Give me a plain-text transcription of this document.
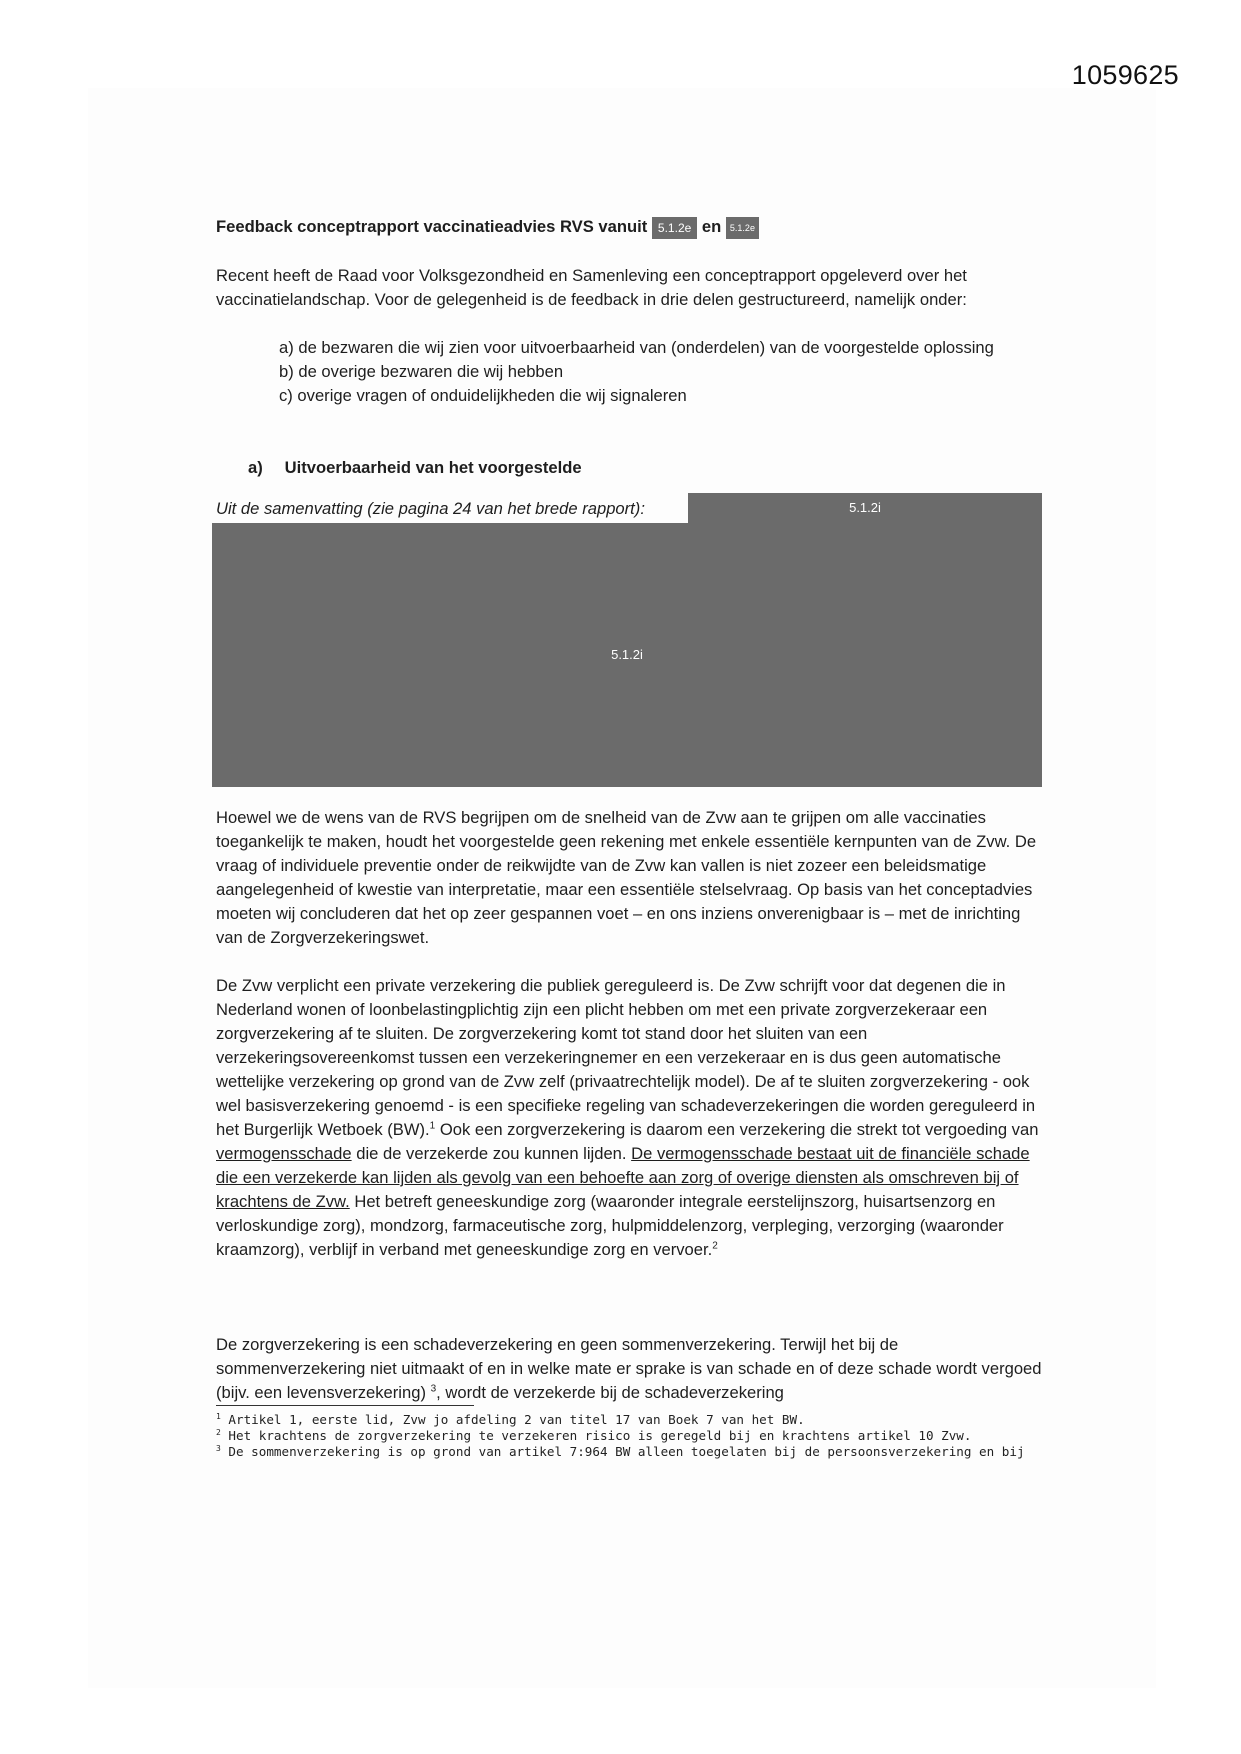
1059625
Feedback conceptrapport vaccinatieadvies RVS vanuit 5.1.2e en 5.1.2e
Recent heeft de Raad voor Volksgezondheid en Samenleving een conceptrapport opgeleverd over het vaccinatielandschap. Voor de gelegenheid is de feedback in drie delen gestructureerd, namelijk onder:

a) de bezwaren die wij zien voor uitvoerbaarheid van (onderdelen) van de voorgestelde oplossing

b) de overige bezwaren die wij hebben

c) overige vragen of onduidelijkheden die wij signaleren

a) Uitvoerbaarheid van het voorgestelde
Uit de samenvatting (zie pagina 24 van het brede rapport):	5.1.2i
5.1.2i
Hoewel we de wens van de RVS begrijpen om de snelheid van de Zvw aan te grijpen om alle vaccinaties toegankelijk te maken, houdt het voorgestelde geen rekening met enkele essentiële kernpunten van de Zvw. De vraag of individuele preventie onder de reikwijdte van de Zvw kan vallen is niet zozeer een beleidsmatige aangelegenheid of kwestie van interpretatie, maar een essentiële stelselvraag. Op basis van het conceptadvies moeten wij concluderen dat het op zeer gespannen voet – en ons inziens onverenigbaar is – met de inrichting van de Zorgverzekeringswet.
De Zvw verplicht een private verzekering die publiek gereguleerd is. De Zvw schrijft voor dat degenen die in Nederland wonen of loonbelastingplichtig zijn een plicht hebben om met een private zorgverzekeraar een zorgverzekering af te sluiten. De zorgverzekering komt tot stand door het sluiten van een verzekeringsovereenkomst tussen een verzekeringnemer en een verzekeraar en is dus geen automatische wettelijke verzekering op grond van de Zvw zelf (privaatrechtelijk model). De af te sluiten zorgverzekering - ook wel basisverzekering genoemd - is een specifieke regeling van schadeverzekeringen die worden gereguleerd in het Burgerlijk Wetboek (BW).$^1$ Ook een zorgverzekering is daarom een verzekering die strekt tot vergoeding van vermogensschade die de verzekerde zou kunnen lijden. De vermogensschade bestaat uit de financiële schade die een verzekerde kan lijden als gevolg van een behoefte aan zorg of overige diensten als omschreven bij of krachtens de Zvw. Het betreft geneeskundige zorg (waaronder integrale eerstelijnszorg, huisartsenzorg en verloskundige zorg), mondzorg, farmaceutische zorg, hulpmiddelenzorg, verpleging, verzorging (waaronder kraamzorg), verblijf in verband met geneeskundige zorg en vervoer.$^2$
De zorgverzekering is een schadeverzekering en geen sommenverzekering. Terwijl het bij de sommenverzekering niet uitmaakt of en in welke mate er sprake is van schade en of deze schade wordt vergoed (bijv. een levensverzekering) $^3$, wordt de verzekerde bij de schadeverzekering

$^1$ Artikel 1, eerste lid, Zvw jo afdeling 2 van titel 17 van Boek 7 van het BW.

$^2$ Het krachtens de zorgverzekering te verzekeren risico is geregeld bij en krachtens artikel 10 Zvw.

$^3$ De sommenverzekering is op grond van artikel 7:964 BW alleen toegelaten bij de persoonsverzekering en bij
